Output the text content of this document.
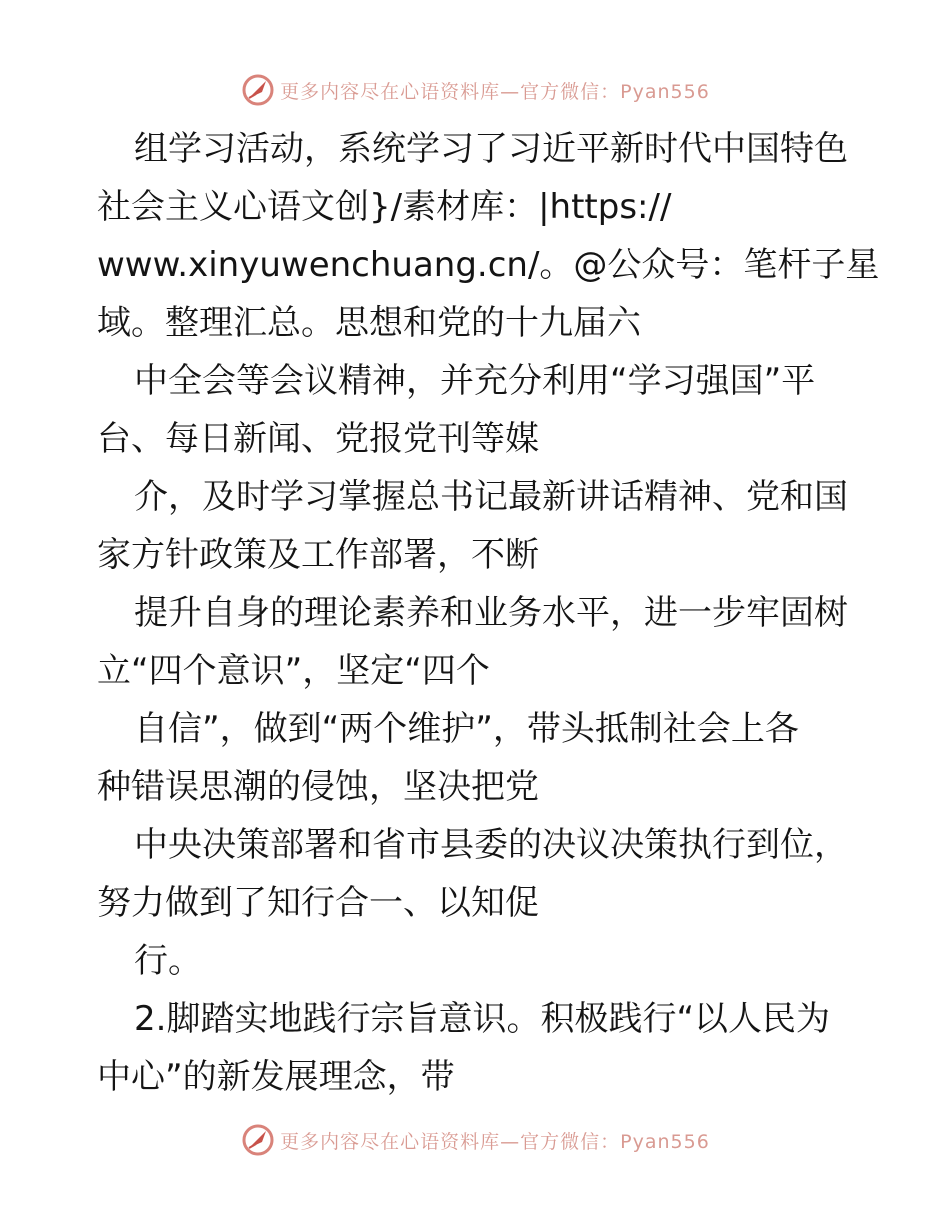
更多内容尽在心语资料库—官方微信：Pyan556
组学习活动，系统学习了习近平新时代中国特色
社会主义心语文创}/素材库：|https://
www.xinyuwenchuang.cn/。@公众号：笔杆子星
域。整理汇总。思想和党的十九届六
中全会等会议精神，并充分利用“学习强国”平
台、每日新闻、党报党刊等媒
介，及时学习掌握总书记最新讲话精神、党和国
家方针政策及工作部署，不断
提升自身的理论素养和业务水平，进一步牢固树
立“四个意识”，坚定“四个
自信”，做到“两个维护”，带头抵制社会上各
种错误思潮的侵蚀，坚决把党
中央决策部署和省市县委的决议决策执行到位，
努力做到了知行合一、以知促
行。
2.脚踏实地践行宗旨意识。积极践行“以人民为
中心”的新发展理念，带
更多内容尽在心语资料库—官方微信：Pyan556
